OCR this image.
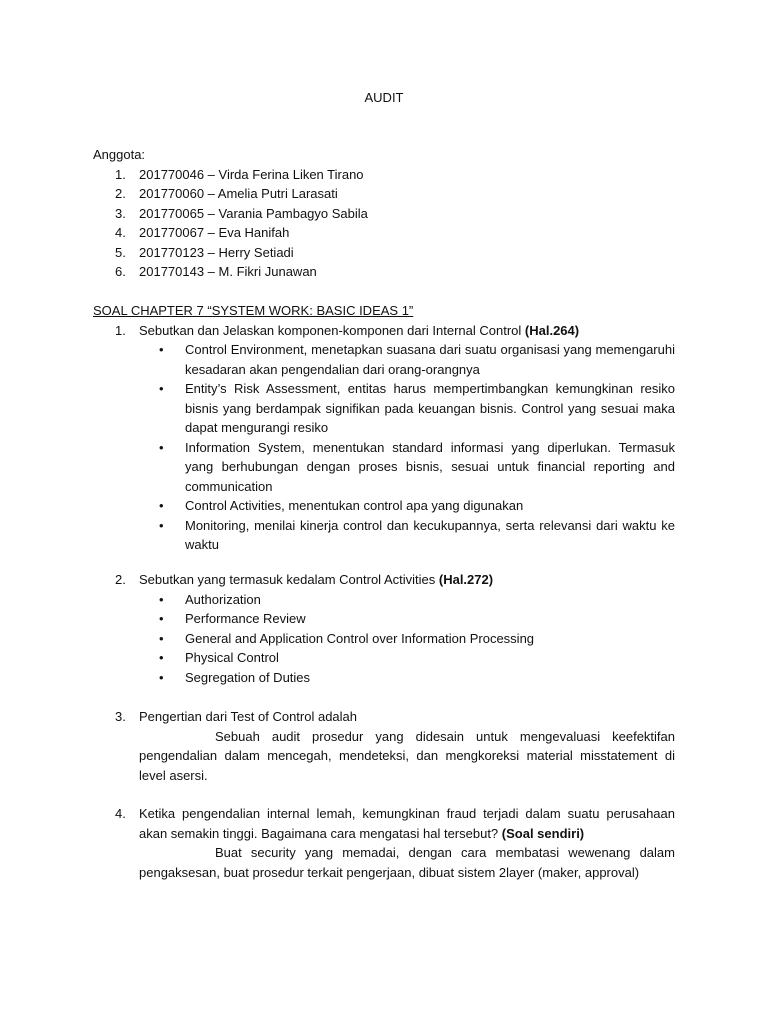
AUDIT
Anggota:
1. 201770046 – Virda Ferina Liken Tirano
2. 201770060 – Amelia Putri Larasati
3. 201770065 – Varania Pambagyo Sabila
4. 201770067 – Eva Hanifah
5. 201770123 – Herry Setiadi
6. 201770143 – M. Fikri Junawan
SOAL CHAPTER 7 “SYSTEM WORK: BASIC IDEAS 1”
1. Sebutkan dan Jelaskan komponen-komponen dari Internal Control (Hal.264)
• Control Environment, menetapkan suasana dari suatu organisasi yang memengaruhi kesadaran akan pengendalian dari orang-orangnya
• Entity’s Risk Assessment, entitas harus mempertimbangkan kemungkinan resiko bisnis yang berdampak signifikan pada keuangan bisnis. Control yang sesuai maka dapat mengurangi resiko
• Information System, menentukan standard informasi yang diperlukan. Termasuk yang berhubungan dengan proses bisnis, sesuai untuk financial reporting and communication
• Control Activities, menentukan control apa yang digunakan
• Monitoring, menilai kinerja control dan kecukupannya, serta relevansi dari waktu ke waktu
2. Sebutkan yang termasuk kedalam Control Activities (Hal.272)
• Authorization
• Performance Review
• General and Application Control over Information Processing
• Physical Control
• Segregation of Duties
3. Pengertian dari Test of Control adalah
Sebuah audit prosedur yang didesain untuk mengevaluasi keefektifan pengendalian dalam mencegah, mendeteksi, dan mengkoreksi material misstatement di level asersi.
4. Ketika pengendalian internal lemah, kemungkinan fraud terjadi dalam suatu perusahaan akan semakin tinggi. Bagaimana cara mengatasi hal tersebut? (Soal sendiri)
Buat security yang memadai, dengan cara membatasi wewenang dalam pengaksesan, buat prosedur terkait pengerjaan, dibuat sistem 2layer (maker, approval)
